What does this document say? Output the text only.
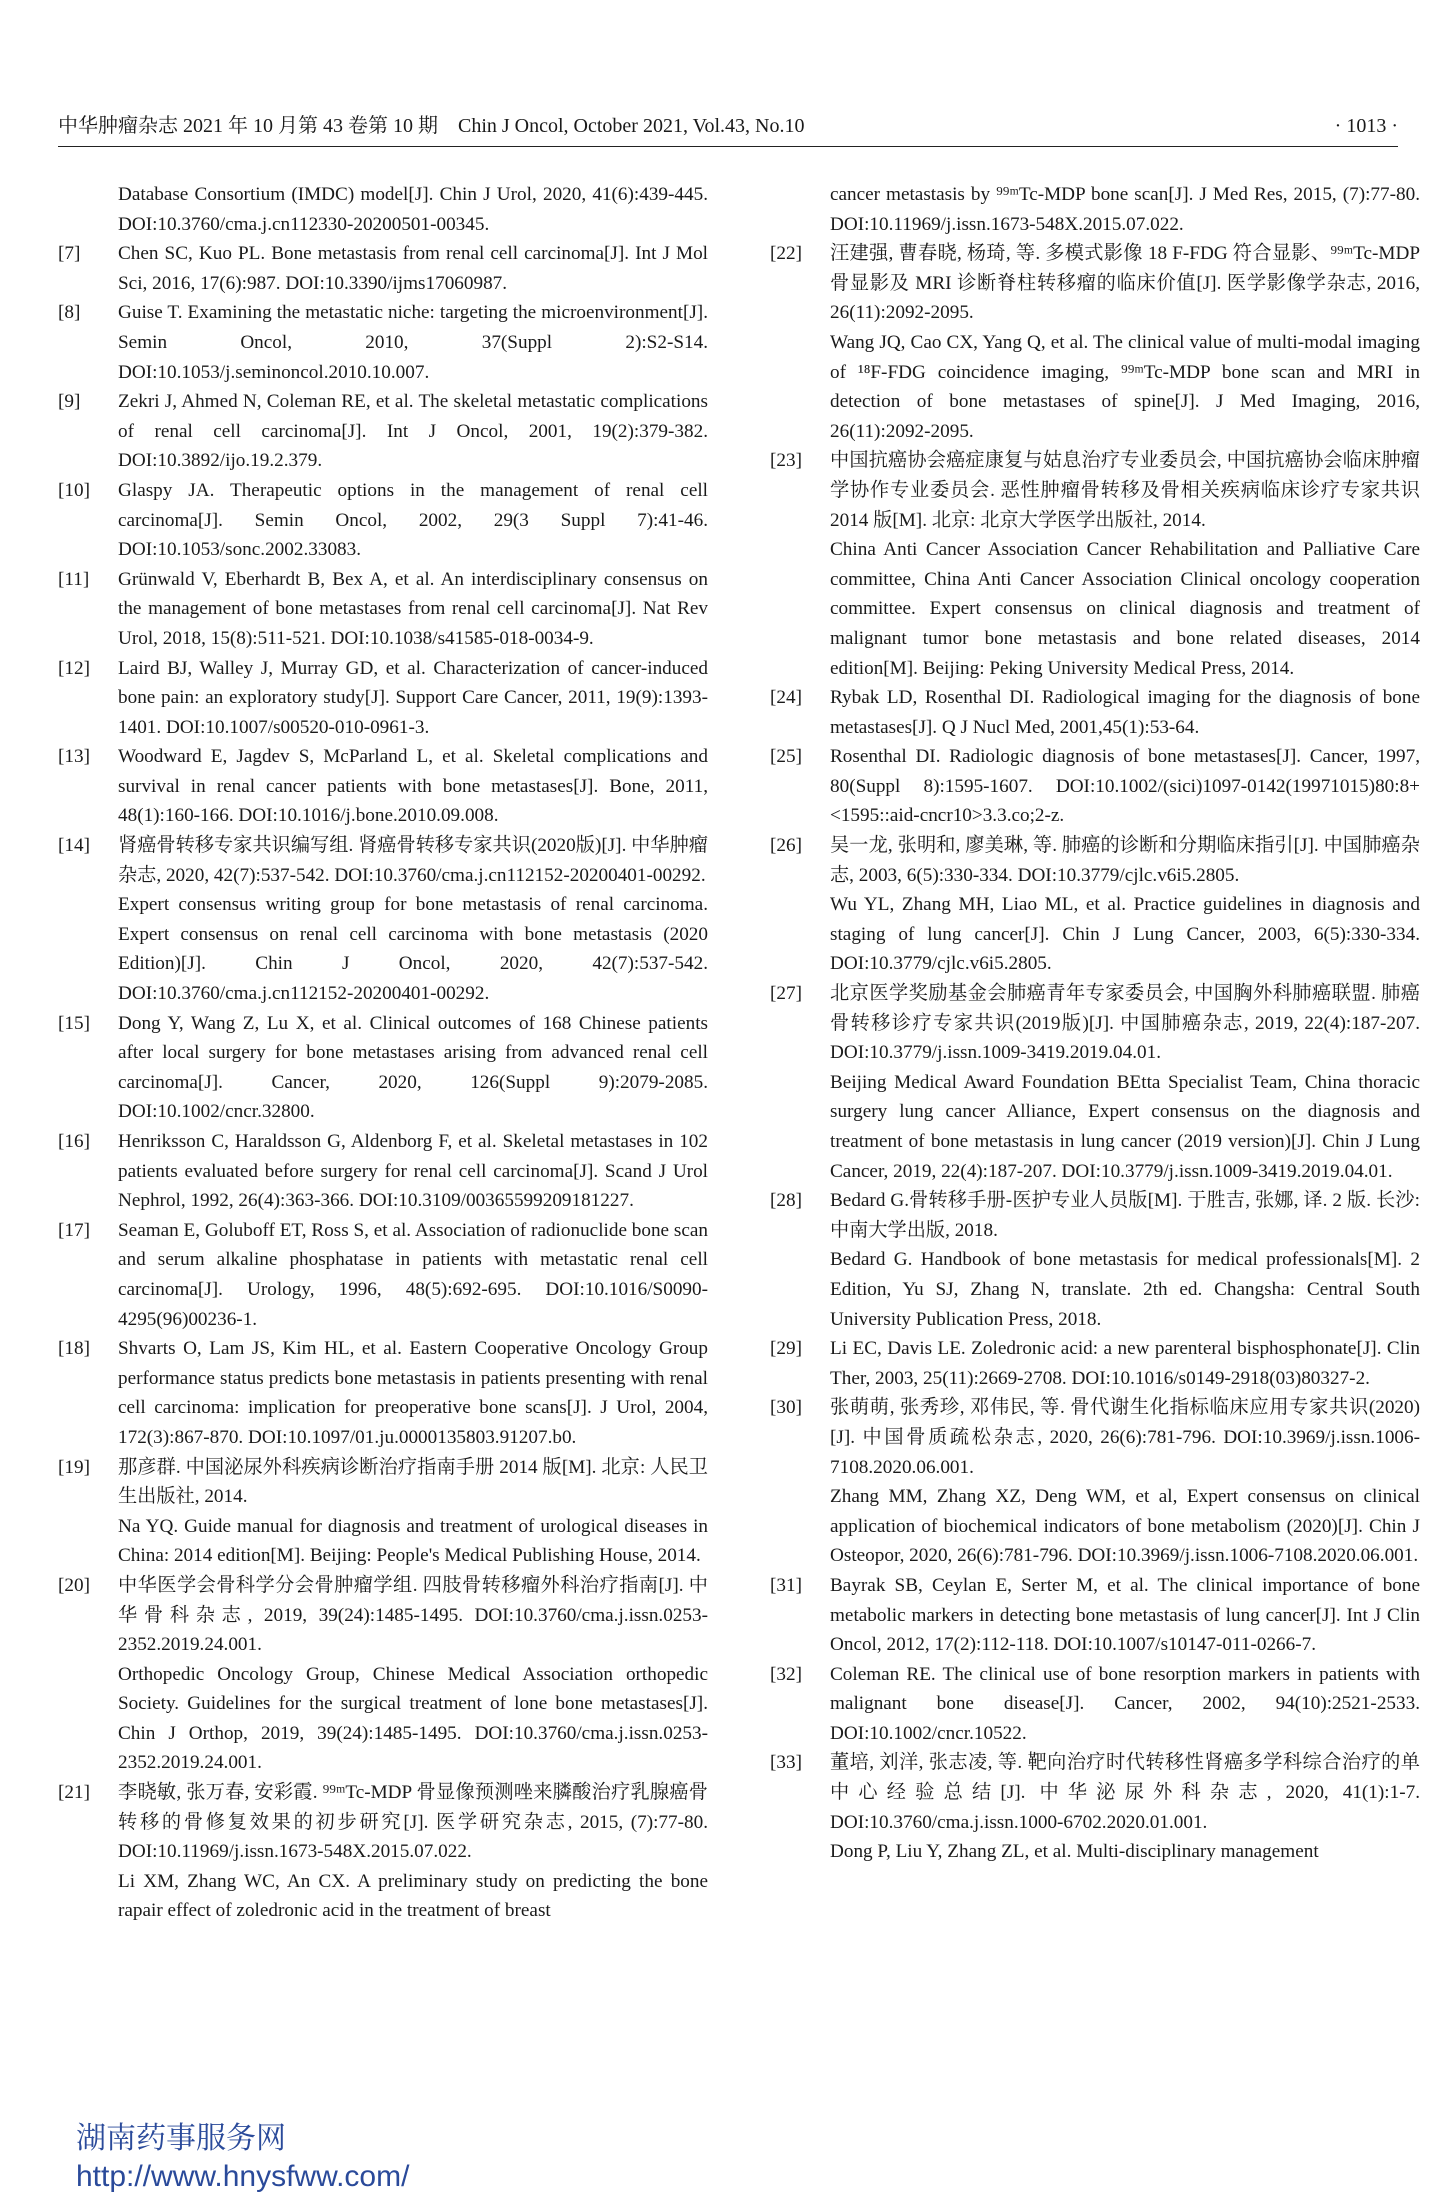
中华肿瘤杂志 2021 年 10 月第 43 卷第 10 期　Chin J Oncol, October 2021, Vol.43, No.10	· 1013 ·
Database Consortium (IMDC) model[J]. Chin J Urol, 2020, 41(6):439-445. DOI:10.3760/cma.j.cn112330-20200501-00345.
[7]	Chen SC, Kuo PL. Bone metastasis from renal cell carcinoma[J]. Int J Mol Sci, 2016, 17(6):987. DOI:10.3390/ijms17060987.
[8]	Guise T. Examining the metastatic niche: targeting the microenvironment[J]. Semin Oncol, 2010, 37(Suppl 2):S2-S14. DOI:10.1053/j.seminoncol.2010.10.007.
[9]	Zekri J, Ahmed N, Coleman RE, et al. The skeletal metastatic complications of renal cell carcinoma[J]. Int J Oncol, 2001, 19(2):379-382. DOI:10.3892/ijo.19.2.379.
[10]	Glaspy JA. Therapeutic options in the management of renal cell carcinoma[J]. Semin Oncol, 2002, 29(3 Suppl 7):41-46. DOI:10.1053/sonc.2002.33083.
[11]	Grünwald V, Eberhardt B, Bex A, et al. An interdisciplinary consensus on the management of bone metastases from renal cell carcinoma[J]. Nat Rev Urol, 2018, 15(8):511-521. DOI:10.1038/s41585-018-0034-9.
[12]	Laird BJ, Walley J, Murray GD, et al. Characterization of cancer-induced bone pain: an exploratory study[J]. Support Care Cancer, 2011, 19(9):1393-1401. DOI:10.1007/s00520-010-0961-3.
[13]	Woodward E, Jagdev S, McParland L, et al. Skeletal complications and survival in renal cancer patients with bone metastases[J]. Bone, 2011, 48(1):160-166. DOI:10.1016/j.bone.2010.09.008.
[14]	肾癌骨转移专家共识编写组. 肾癌骨转移专家共识(2020版)[J]. 中华肿瘤杂志, 2020, 42(7):537-542. DOI:10.3760/cma.j.cn112152-20200401-00292.
Expert consensus writing group for bone metastasis of renal carcinoma. Expert consensus on renal cell carcinoma with bone metastasis (2020 Edition)[J]. Chin J Oncol, 2020, 42(7):537-542. DOI:10.3760/cma.j.cn112152-20200401-00292.
[15]	Dong Y, Wang Z, Lu X, et al. Clinical outcomes of 168 Chinese patients after local surgery for bone metastases arising from advanced renal cell carcinoma[J]. Cancer, 2020, 126(Suppl 9):2079-2085. DOI:10.1002/cncr.32800.
[16]	Henriksson C, Haraldsson G, Aldenborg F, et al. Skeletal metastases in 102 patients evaluated before surgery for renal cell carcinoma[J]. Scand J Urol Nephrol, 1992, 26(4):363-366. DOI:10.3109/00365599209181227.
[17]	Seaman E, Goluboff ET, Ross S, et al. Association of radionuclide bone scan and serum alkaline phosphatase in patients with metastatic renal cell carcinoma[J]. Urology, 1996, 48(5):692-695. DOI:10.1016/S0090-4295(96)00236-1.
[18]	Shvarts O, Lam JS, Kim HL, et al. Eastern Cooperative Oncology Group performance status predicts bone metastasis in patients presenting with renal cell carcinoma: implication for preoperative bone scans[J]. J Urol, 2004, 172(3):867-870. DOI:10.1097/01.ju.0000135803.91207.b0.
[19]	那彦群. 中国泌尿外科疾病诊断治疗指南手册 2014 版[M]. 北京: 人民卫生出版社, 2014.
Na YQ. Guide manual for diagnosis and treatment of urological diseases in China: 2014 edition[M]. Beijing: People's Medical Publishing House, 2014.
[20]	中华医学会骨科学分会骨肿瘤学组. 四肢骨转移瘤外科治疗指南[J]. 中华骨科杂志, 2019, 39(24):1485-1495. DOI:10.3760/cma.j.issn.0253-2352.2019.24.001.
Orthopedic Oncology Group, Chinese Medical Association orthopedic Society. Guidelines for the surgical treatment of lone bone metastases[J]. Chin J Orthop, 2019, 39(24):1485-1495. DOI:10.3760/cma.j.issn.0253-2352.2019.24.001.
[21]	李晓敏, 张万春, 安彩霞. ⁹⁹ᵐTc-MDP 骨显像预测唑来膦酸治疗乳腺癌骨转移的骨修复效果的初步研究[J]. 医学研究杂志, 2015, (7):77-80. DOI:10.11969/j.issn.1673-548X.2015.07.022.
Li XM, Zhang WC, An CX. A preliminary study on predicting the bone rapair effect of zoledronic acid in the treatment of breast
cancer metastasis by ⁹⁹ᵐTc-MDP bone scan[J]. J Med Res, 2015, (7):77-80. DOI:10.11969/j.issn.1673-548X.2015.07.022.
[22]	汪建强, 曹春晓, 杨琦, 等. 多模式影像 18 F-FDG 符合显影、⁹⁹ᵐTc-MDP 骨显影及 MRI 诊断脊柱转移瘤的临床价值[J]. 医学影像学杂志, 2016, 26(11):2092-2095.
Wang JQ, Cao CX, Yang Q, et al. The clinical value of multi-modal imaging of ¹⁸F-FDG coincidence imaging, ⁹⁹ᵐTc-MDP bone scan and MRI in detection of bone metastases of spine[J]. J Med Imaging, 2016, 26(11):2092-2095.
[23]	中国抗癌协会癌症康复与姑息治疗专业委员会, 中国抗癌协会临床肿瘤学协作专业委员会. 恶性肿瘤骨转移及骨相关疾病临床诊疗专家共识 2014 版[M]. 北京: 北京大学医学出版社, 2014.
China Anti Cancer Association Cancer Rehabilitation and Palliative Care committee, China Anti Cancer Association Clinical oncology cooperation committee. Expert consensus on clinical diagnosis and treatment of malignant tumor bone metastasis and bone related diseases, 2014 edition[M]. Beijing: Peking University Medical Press, 2014.
[24]	Rybak LD, Rosenthal DI. Radiological imaging for the diagnosis of bone metastases[J]. Q J Nucl Med, 2001,45(1):53-64.
[25]	Rosenthal DI. Radiologic diagnosis of bone metastases[J]. Cancer, 1997, 80(Suppl 8):1595-1607. DOI:10.1002/(sici)1097-0142(19971015)80:8+<1595::aid-cncr10>3.3.co;2-z.
[26]	吴一龙, 张明和, 廖美琳, 等. 肺癌的诊断和分期临床指引[J]. 中国肺癌杂志, 2003, 6(5):330-334. DOI:10.3779/cjlc.v6i5.2805.
Wu YL, Zhang MH, Liao ML, et al. Practice guidelines in diagnosis and staging of lung cancer[J]. Chin J Lung Cancer, 2003, 6(5):330-334. DOI:10.3779/cjlc.v6i5.2805.
[27]	北京医学奖励基金会肺癌青年专家委员会, 中国胸外科肺癌联盟. 肺癌骨转移诊疗专家共识(2019版)[J]. 中国肺癌杂志, 2019, 22(4):187-207. DOI:10.3779/j.issn.1009-3419.2019.04.01.
Beijing Medical Award Foundation BEtta Specialist Team, China thoracic surgery lung cancer Alliance, Expert consensus on the diagnosis and treatment of bone metastasis in lung cancer (2019 version)[J]. Chin J Lung Cancer, 2019, 22(4):187-207. DOI:10.3779/j.issn.1009-3419.2019.04.01.
[28]	Bedard G.骨转移手册-医护专业人员版[M]. 于胜吉, 张娜, 译. 2 版. 长沙: 中南大学出版, 2018.
Bedard G. Handbook of bone metastasis for medical professionals[M]. 2 Edition, Yu SJ, Zhang N, translate. 2th ed. Changsha: Central South University Publication Press, 2018.
[29]	Li EC, Davis LE. Zoledronic acid: a new parenteral bisphosphonate[J]. Clin Ther, 2003, 25(11):2669-2708. DOI:10.1016/s0149-2918(03)80327-2.
[30]	张萌萌, 张秀珍, 邓伟民, 等. 骨代谢生化指标临床应用专家共识(2020)[J]. 中国骨质疏松杂志, 2020, 26(6):781-796. DOI:10.3969/j.issn.1006-7108.2020.06.001.
Zhang MM, Zhang XZ, Deng WM, et al, Expert consensus on clinical application of biochemical indicators of bone metabolism (2020)[J]. Chin J Osteopor, 2020, 26(6):781-796. DOI:10.3969/j.issn.1006-7108.2020.06.001.
[31]	Bayrak SB, Ceylan E, Serter M, et al. The clinical importance of bone metabolic markers in detecting bone metastasis of lung cancer[J]. Int J Clin Oncol, 2012, 17(2):112-118. DOI:10.1007/s10147-011-0266-7.
[32]	Coleman RE. The clinical use of bone resorption markers in patients with malignant bone disease[J]. Cancer, 2002, 94(10):2521-2533. DOI:10.1002/cncr.10522.
[33]	董培, 刘洋, 张志凌, 等. 靶向治疗时代转移性肾癌多学科综合治疗的单中心经验总结[J]. 中华泌尿外科杂志, 2020, 41(1):1-7. DOI:10.3760/cma.j.issn.1000-6702.2020.01.001.
Dong P, Liu Y, Zhang ZL, et al. Multi-disciplinary management
湖南药事服务网
http://www.hnysfww.com/
